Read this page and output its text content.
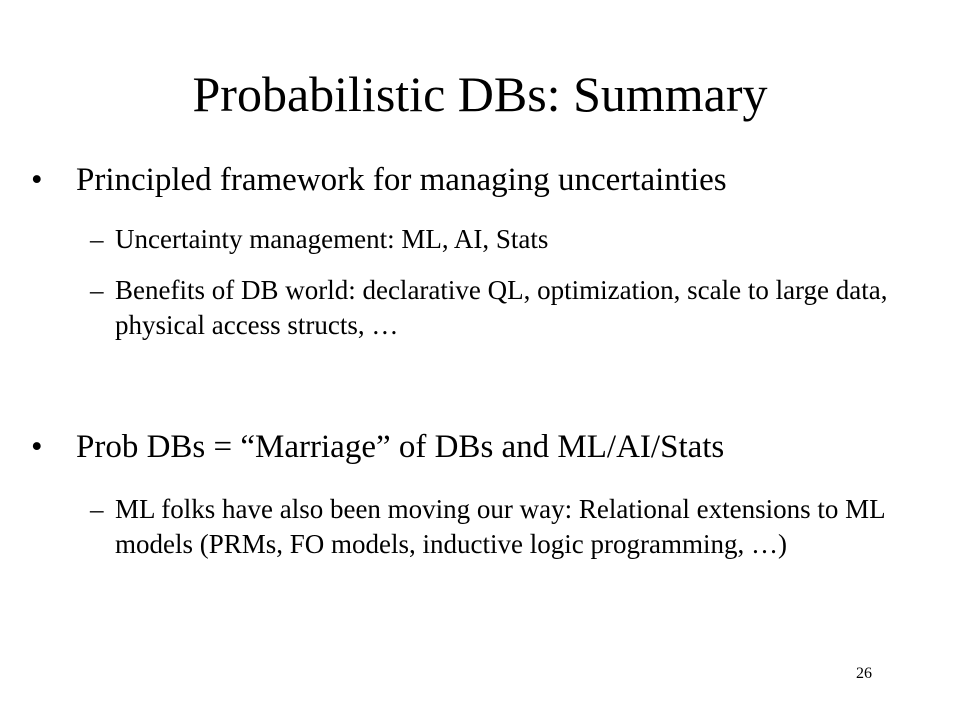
Probabilistic DBs: Summary
• Principled framework for managing uncertainties
– Uncertainty management: ML, AI, Stats
– Benefits of DB world: declarative QL, optimization, scale to large data, physical access structs, …
• Prob DBs = “Marriage” of DBs and ML/AI/Stats
– ML folks have also been moving our way: Relational extensions to ML models (PRMs, FO models, inductive logic programming, …)
26
